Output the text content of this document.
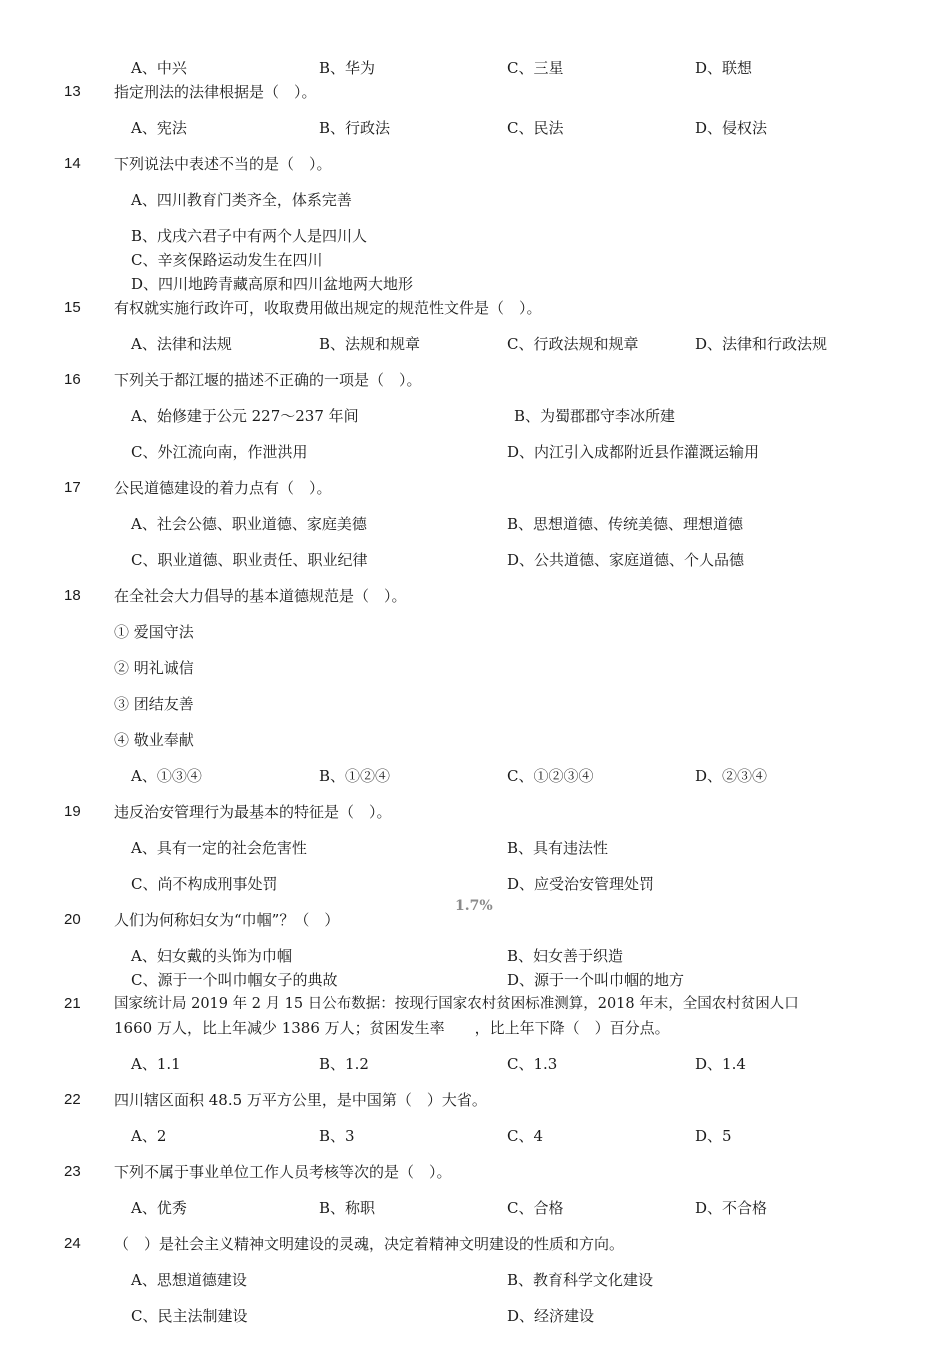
A、中兴	B、华为	C、三星	D、联想
13 指定刑法的法律根据是（　）。
A、宪法	B、行政法	C、民法	D、侵权法
14 下列说法中表述不当的是（　）。
A、四川教育门类齐全，体系完善
B、戊戌六君子中有两个人是四川人
C、辛亥保路运动发生在四川
D、四川地跨青藏高原和四川盆地两大地形
15 有权就实施行政许可，收取费用做出规定的规范性文件是（　）。
A、法律和法规	B、法规和规章	C、行政法规和规章	D、法律和行政法规
16 下列关于都江堰的描述不正确的一项是（　）。
A、始修建于公元 227～237 年间	B、为蜀郡郡守李冰所建
C、外江流向南，作泄洪用	D、内江引入成都附近县作灌溉运输用
17 公民道德建设的着力点有（　）。
A、社会公德、职业道德、家庭美德	B、思想道德、传统美德、理想道德
C、职业道德、职业责任、职业纪律	D、公共道德、家庭道德、个人品德
18 在全社会大力倡导的基本道德规范是（　）。
① 爱国守法
② 明礼诚信
③ 团结友善
④ 敬业奉献
A、①③④	B、①②④	C、①②③④	D、②③④
19 违反治安管理行为最基本的特征是（　）。
A、具有一定的社会危害性	B、具有违法性
C、尚不构成刑事处罚	D、应受治安管理处罚
1.7%
20 人们为何称妇女为“巾帼”？（　）
A、妇女戴的头饰为巾帼	B、妇女善于织造
C、源于一个叫巾帼女子的典故	D、源于一个叫巾帼的地方
21 国家统计局 2019 年 2 月 15 日公布数据：按现行国家农村贫困标准测算，2018 年末，全国农村贫困人口
1660 万人，比上年减少 1386 万人；贫困发生率　　，比上年下降（　）百分点。
A、1.1	B、1.2	C、1.3	D、1.4
22 四川辖区面积 48.5 万平方公里，是中国第（　）大省。
A、2	B、3	C、4	D、5
23 下列不属于事业单位工作人员考核等次的是（　）。
A、优秀	B、称职	C、合格	D、不合格
24 （　）是社会主义精神文明建设的灵魂，决定着精神文明建设的性质和方向。
A、思想道德建设	B、教育科学文化建设
C、民主法制建设	D、经济建设
